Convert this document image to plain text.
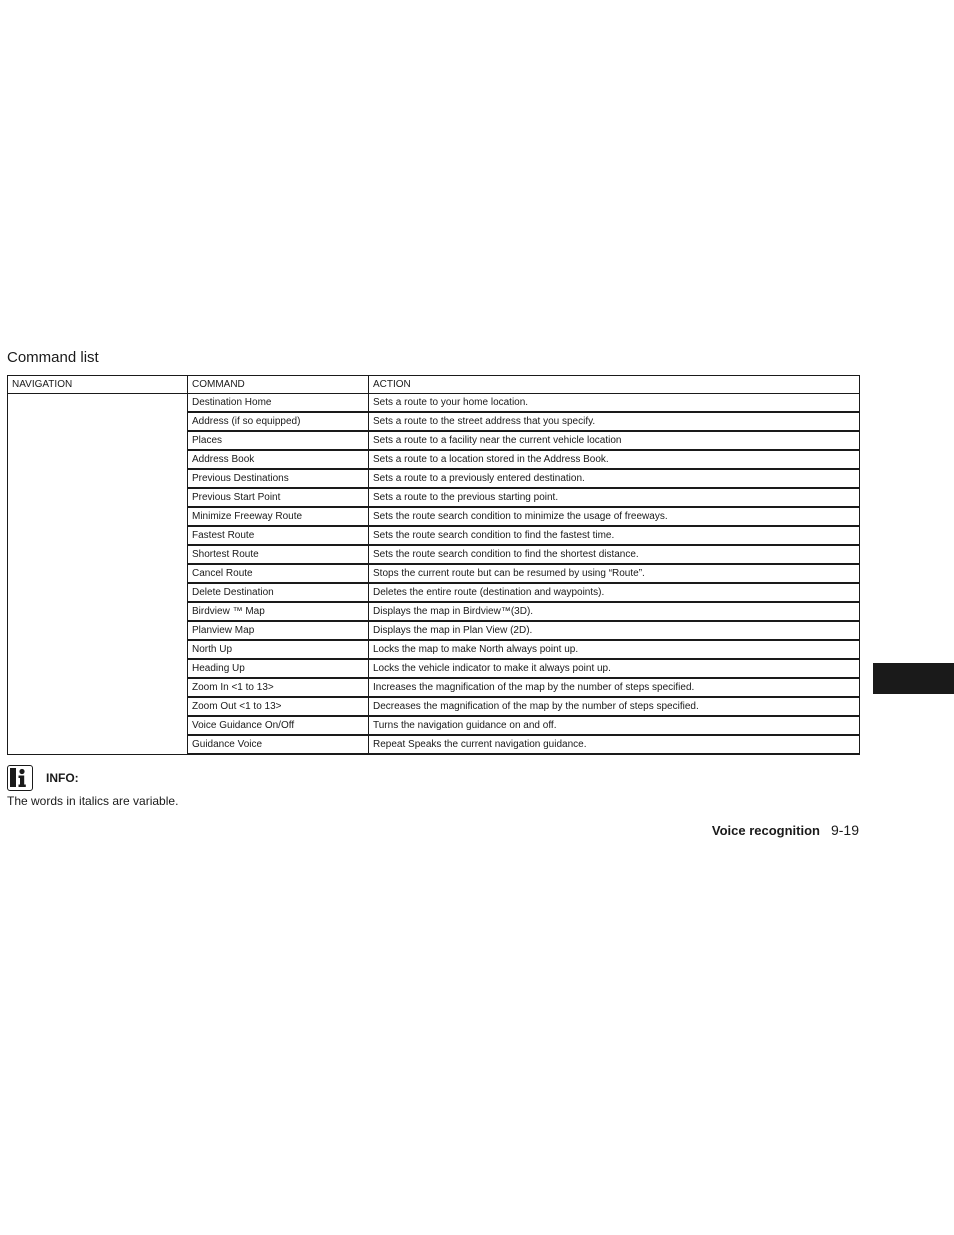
Command list
NAVIGATION	COMMAND	ACTION
	Destination Home	Sets a route to your home location.
	Address (if so equipped)	Sets a route to the street address that you specify.
	Places	Sets a route to a facility near the current vehicle location
	Address Book	Sets a route to a location stored in the Address Book.
	Previous Destinations	Sets a route to a previously entered destination.
	Previous Start Point	Sets a route to the previous starting point.
	Minimize Freeway Route	Sets the route search condition to minimize the usage of freeways.
	Fastest Route	Sets the route search condition to find the fastest time.
	Shortest Route	Sets the route search condition to find the shortest distance.
	Cancel Route	Stops the current route but can be resumed by using “Route”.
	Delete Destination	Deletes the entire route (destination and waypoints).
	Birdview ™ Map	Displays the map in Birdview™(3D).
	Planview Map	Displays the map in Plan View (2D).
	North Up	Locks the map to make North always point up.
	Heading Up	Locks the vehicle indicator to make it always point up.
	Zoom In <1 to 13>	Increases the magnification of the map by the number of steps specified.
	Zoom Out <1 to 13>	Decreases the magnification of the map by the number of steps specified.
	Voice Guidance On/Off	Turns the navigation guidance on and off.
	Guidance Voice	Repeat Speaks the current navigation guidance.
INFO:
The words in italics are variable.
Voice recognition 9-19
